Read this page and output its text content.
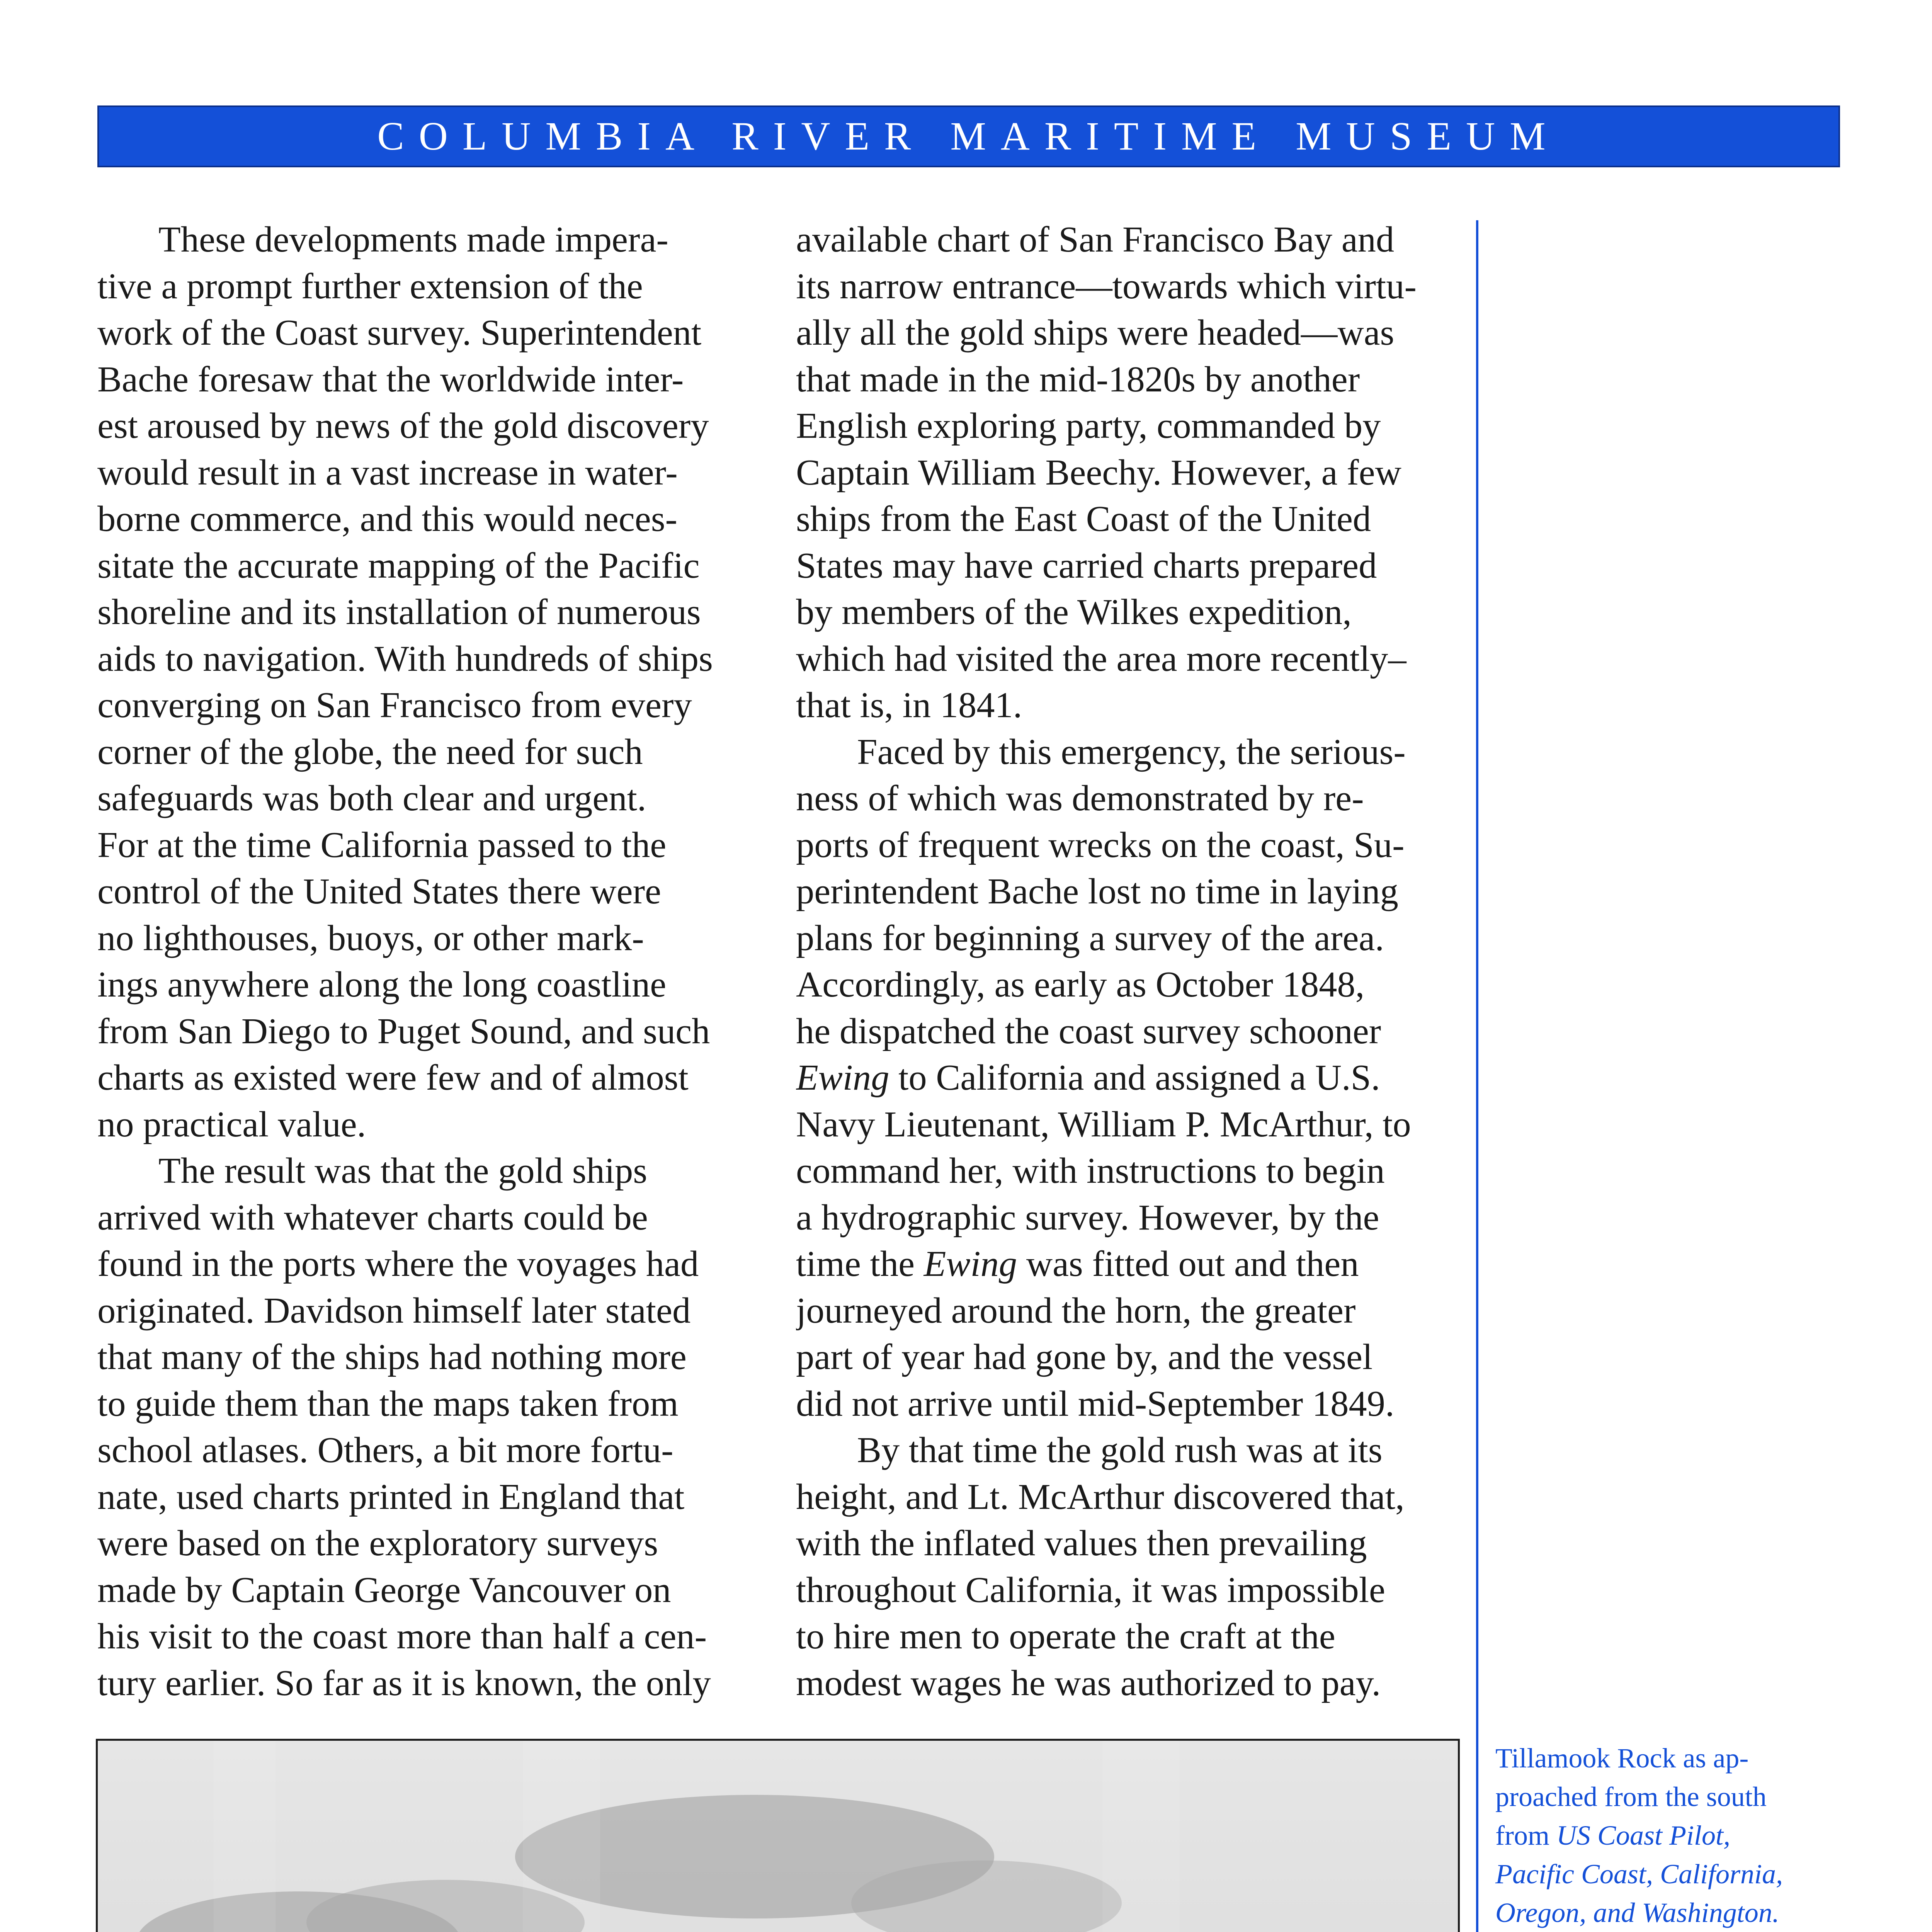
COLUMBIA RIVER MARITIME MUSEUM
These developments made impera-
tive a prompt further extension of the
work of the Coast survey. Superintendent
Bache foresaw that the worldwide inter-
est aroused by news of the gold discovery
would result in a vast increase in water-
borne commerce, and this would neces-
sitate the accurate mapping of the Pacific
shoreline and its installation of numerous
aids to navigation. With hundreds of ships
converging on San Francisco from every
corner of the globe, the need for such
safeguards was both clear and urgent.
For at the time California passed to the
control of the United States there were
no lighthouses, buoys, or other mark-
ings anywhere along the long coastline
from San Diego to Puget Sound, and such
charts as existed were few and of almost
no practical value.
The result was that the gold ships
arrived with whatever charts could be
found in the ports where the voyages had
originated. Davidson himself later stated
that many of the ships had nothing more
to guide them than the maps taken from
school atlases. Others, a bit more fortu-
nate, used charts printed in England that
were based on the exploratory surveys
made by Captain George Vancouver on
his visit to the coast more than half a cen-
tury earlier. So far as it is known, the only
available chart of San Francisco Bay and
its narrow entrance—towards which virtu-
ally all the gold ships were headed—was
that made in the mid-1820s by another
English exploring party, commanded by
Captain William Beechy. However, a few
ships from the East Coast of the United
States may have carried charts prepared
by members of the Wilkes expedition,
which had visited the area more recently–
that is, in 1841.
Faced by this emergency, the serious-
ness of which was demonstrated by re-
ports of frequent wrecks on the coast, Su-
perintendent Bache lost no time in laying
plans for beginning a survey of the area.
Accordingly, as early as October 1848,
he dispatched the coast survey schooner
Ewing to California and assigned a U.S.
Navy Lieutenant, William P. McArthur, to
command her, with instructions to begin
a hydrographic survey. However, by the
time the Ewing was fitted out and then
journeyed around the horn, the greater
part of year had gone by, and the vessel
did not arrive until mid-September 1849.
By that time the gold rush was at its
height, and Lt. McArthur discovered that,
with the inflated values then prevailing
throughout California, it was impossible
to hire men to operate the craft at the
modest wages he was authorized to pay.
Tillamook Rock as ap-
proached from the south
from US Coast Pilot,
Pacific Coast, California,
Oregon, and Washington.
